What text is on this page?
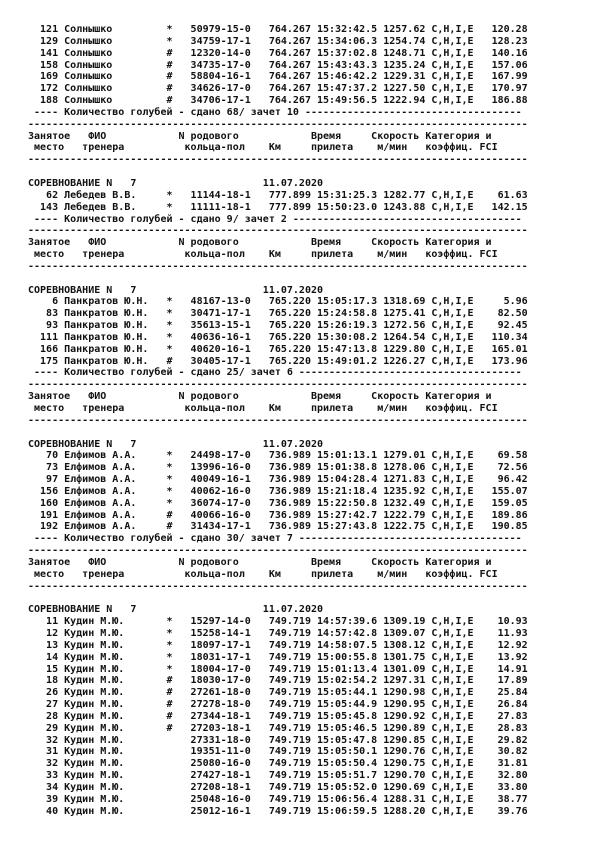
121 Солнышко         *   50979-15-0   764.267 15:32:42.5 1257.62 C,H,I,E   120.28
129 Солнышко         *   34759-17-1   764.267 15:34:06.3 1254.74 C,H,I,E   128.23
141 Солнышко         #   12320-14-0   764.267 15:37:02.8 1248.71 C,H,I,E   140.16
158 Солнышко         #   34735-17-0   764.267 15:43:43.3 1235.24 C,H,I,E   157.06
169 Солнышко         #   58804-16-1   764.267 15:46:42.2 1229.31 C,H,I,E   167.99
172 Солнышко         #   34626-17-0   764.267 15:47:37.2 1227.50 C,H,I,E   170.97
188 Солнышко         #   34706-17-1   764.267 15:49:56.5 1222.94 C,H,I,E   186.88
---- Количество голубей - сдано 68/ зачет 10 ------------------------------------
-----------------------------------------------------------------------------------
Занятое   ФИО            N родового            Время     Скорость Категория и
место   тренера          кольца-пол    Км     прилета    м/мин   коэффиц. FCI
-----------------------------------------------------------------------------------
СОРЕВНОВАНИЕ N   7                     11.07.2020
62 Лебедев В.В.     *   11144-18-1   777.899 15:31:25.3 1282.77 C,H,I,E    61.63
143 Лебедев В.В.     *   11111-18-1   777.899 15:50:23.0 1243.88 C,H,I,E   142.15
---- Количество голубей - сдано 9/ зачет 2 --------------------------------------
-----------------------------------------------------------------------------------
Занятое   ФИО            N родового            Время     Скорость Категория и
место   тренера          кольца-пол    Км     прилета    м/мин   коэффиц. FCI
-----------------------------------------------------------------------------------
СОРЕВНОВАНИЕ N   7                     11.07.2020
6 Панкратов Ю.Н.   *   48167-13-0   765.220 15:05:17.3 1318.69 C,H,I,E     5.96
83 Панкратов Ю.Н.   *   30471-17-1   765.220 15:24:58.8 1275.41 C,H,I,E    82.50
93 Панкратов Ю.Н.   *   35613-15-1   765.220 15:26:19.3 1272.56 C,H,I,E    92.45
111 Панкратов Ю.Н.   *   40636-16-1   765.220 15:30:08.2 1264.54 C,H,I,E   110.34
166 Панкратов Ю.Н.   *   40620-16-1   765.220 15:47:13.8 1229.80 C,H,I,E   165.01
175 Панкратов Ю.Н.   #   30405-17-1   765.220 15:49:01.2 1226.27 C,H,I,E   173.96
---- Количество голубей - сдано 25/ зачет 6 -------------------------------------
-----------------------------------------------------------------------------------
Занятое   ФИО            N родового            Время     Скорость Категория и
место   тренера          кольца-пол    Км     прилета    м/мин   коэффиц. FCI
-----------------------------------------------------------------------------------
СОРЕВНОВАНИЕ N   7                     11.07.2020
70 Елфимов А.А.     *   24498-17-0   736.989 15:01:13.1 1279.01 C,H,I,E    69.58
73 Елфимов А.А.     *   13996-16-0   736.989 15:01:38.8 1278.06 C,H,I,E    72.56
97 Елфимов А.А.     *   40049-16-1   736.989 15:04:28.4 1271.83 C,H,I,E    96.42
156 Елфимов А.А.     *   40062-16-0   736.989 15:21:18.4 1235.92 C,H,I,E   155.07
160 Елфимов А.А.     *   36074-17-0   736.989 15:22:50.8 1232.49 C,H,I,E   159.05
191 Елфимов А.А.     #   40066-16-0   736.989 15:27:42.7 1222.79 C,H,I,E   189.86
192 Елфимов А.А.     #   31434-17-1   736.989 15:27:43.8 1222.75 C,H,I,E   190.85
---- Количество голубей - сдано 30/ зачет 7 -------------------------------------
-----------------------------------------------------------------------------------
Занятое   ФИО            N родового            Время     Скорость Категория и
место   тренера          кольца-пол    Км     прилета    м/мин   коэффиц. FCI
-----------------------------------------------------------------------------------
СОРЕВНОВАНИЕ N   7                     11.07.2020
11 Кудин М.Ю.       *   15297-14-0   749.719 14:57:39.6 1309.19 C,H,I,E    10.93
12 Кудин М.Ю.       *   15258-14-1   749.719 14:57:42.8 1309.07 C,H,I,E    11.93
13 Кудин М.Ю.       *   18097-17-1   749.719 14:58:07.5 1308.12 C,H,I,E    12.92
14 Кудин М.Ю.       *   18031-17-1   749.719 15:00:55.8 1301.75 C,H,I,E    13.92
15 Кудин М.Ю.       *   18004-17-0   749.719 15:01:13.4 1301.09 C,H,I,E    14.91
18 Кудин М.Ю.       #   18030-17-0   749.719 15:02:54.2 1297.31 C,H,I,E    17.89
26 Кудин М.Ю.       #   27261-18-0   749.719 15:05:44.1 1290.98 C,H,I,E    25.84
27 Кудин М.Ю.       #   27278-18-0   749.719 15:05:44.9 1290.95 C,H,I,E    26.84
28 Кудин М.Ю.       #   27344-18-1   749.719 15:05:45.8 1290.92 C,H,I,E    27.83
29 Кудин М.Ю.       #   27203-18-1   749.719 15:05:46.5 1290.89 C,H,I,E    28.83
32 Кудин М.Ю.           27331-18-0   749.719 15:05:47.8 1290.85 C,H,I,E    29.82
31 Кудин М.Ю.           19351-11-0   749.719 15:05:50.1 1290.76 C,H,I,E    30.82
32 Кудин М.Ю.           25080-16-0   749.719 15:05:50.4 1290.75 C,H,I,E    31.81
33 Кудин М.Ю.           27427-18-1   749.719 15:05:51.7 1290.70 C,H,I,E    32.80
34 Кудин М.Ю.           27208-18-1   749.719 15:05:52.0 1290.69 C,H,I,E    33.80
39 Кудин М.Ю.           25048-16-0   749.719 15:06:56.4 1288.31 C,H,I,E    38.77
40 Кудин М.Ю.           25012-16-1   749.719 15:06:59.5 1288.20 C,H,I,E    39.76
